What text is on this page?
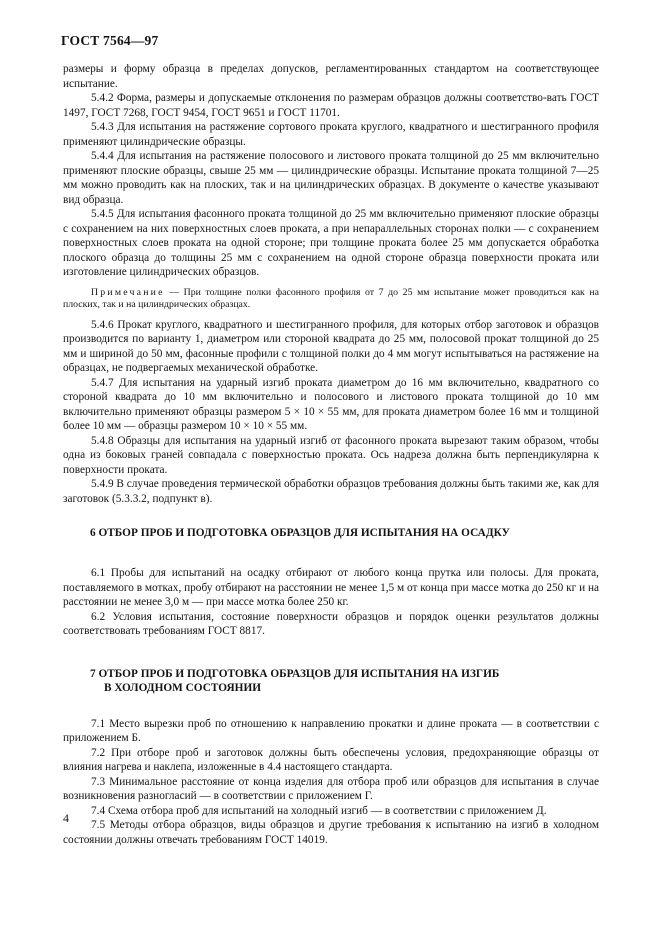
ГОСТ 7564—97

размеры и форму образца в пределах допусков, регламентированных стандартом на соответствующее испытание.

5.4.2 Форма, размеры и допускаемые отклонения по размерам образцов должны соответство-вать ГОСТ 1497, ГОСТ 7268, ГОСТ 9454, ГОСТ 9651 и ГОСТ 11701.

5.4.3 Для испытания на растяжение сортового проката круглого, квадратного и шестигранного профиля применяют цилиндрические образцы.

5.4.4 Для испытания на растяжение полосового и листового проката толщиной до 25 мм включительно применяют плоские образцы, свыше 25 мм — цилиндрические образцы. Испытание проката толщиной 7—25 мм можно проводить как на плоских, так и на цилиндрических образцах. В документе о качестве указывают вид образца.

5.4.5 Для испытания фасонного проката толщиной до 25 мм включительно применяют плоские образцы с сохранением на них поверхностных слоев проката, а при непараллельных сторонах полки — с сохранением поверхностных слоев проката на одной стороне; при толщине проката более 25 мм допускается обработка плоского образца до толщины 25 мм с сохранением на одной стороне образца поверхности проката или изготовление цилиндрических образцов.

Примечание — При толщине полки фасонного профиля от 7 до 25 мм испытание может проводиться как на плоских, так и на цилиндрических образцах.

5.4.6 Прокат круглого, квадратного и шестигранного профиля, для которых отбор заготовок и образцов производится по варианту 1, диаметром или стороной квадрата до 25 мм, полосовой прокат толщиной до 25 мм и шириной до 50 мм, фасонные профили с толщиной полки до 4 мм могут испытываться на растяжение на образцах, не подвергаемых механической обработке.

5.4.7 Для испытания на ударный изгиб проката диаметром до 16 мм включительно, квадратного со стороной квадрата до 10 мм включительно и полосового и листового проката толщиной до 10 мм включительно применяют образцы размером 5 × 10 × 55 мм, для проката диаметром более 16 мм и толщиной более 10 мм — образцы размером 10 × 10 × 55 мм.

5.4.8 Образцы для испытания на ударный изгиб от фасонного проката вырезают таким образом, чтобы одна из боковых граней совпадала с поверхностью проката. Ось надреза должна быть перпендикулярна к поверхности проката.

5.4.9 В случае проведения термической обработки образцов требования должны быть такими же, как для заготовок (5.3.3.2, подпункт в).

6 ОТБОР ПРОБ И ПОДГОТОВКА ОБРАЗЦОВ ДЛЯ ИСПЫТАНИЯ НА ОСАДКУ

6.1 Пробы для испытаний на осадку отбирают от любого конца прутка или полосы. Для проката, поставляемого в мотках, пробу отбирают на расстоянии не менее 1,5 м от конца при массе мотка до 250 кг и на расстоянии не менее 3,0 м — при массе мотка более 250 кг.

6.2 Условия испытания, состояние поверхности образцов и порядок оценки результатов должны соответствовать требованиям ГОСТ 8817.

7 ОТБОР ПРОБ И ПОДГОТОВКА ОБРАЗЦОВ ДЛЯ ИСПЫТАНИЯ НА ИЗГИБ
В ХОЛОДНОМ СОСТОЯНИИ

7.1 Место вырезки проб по отношению к направлению прокатки и длине проката — в соответствии с приложением Б.

7.2 При отборе проб и заготовок должны быть обеспечены условия, предохраняющие образцы от влияния нагрева и наклепа, изложенные в 4.4 настоящего стандарта.

7.3 Минимальное расстояние от конца изделия для отбора проб или образцов для испытания в случае возникновения разногласий — в соответствии с приложением Г.

7.4 Схема отбора проб для испытаний на холодный изгиб — в соответствии с приложением Д.

7.5 Методы отбора образцов, виды образцов и другие требования к испытанию на изгиб в холодном состоянии должны отвечать требованиям ГОСТ 14019.

4
